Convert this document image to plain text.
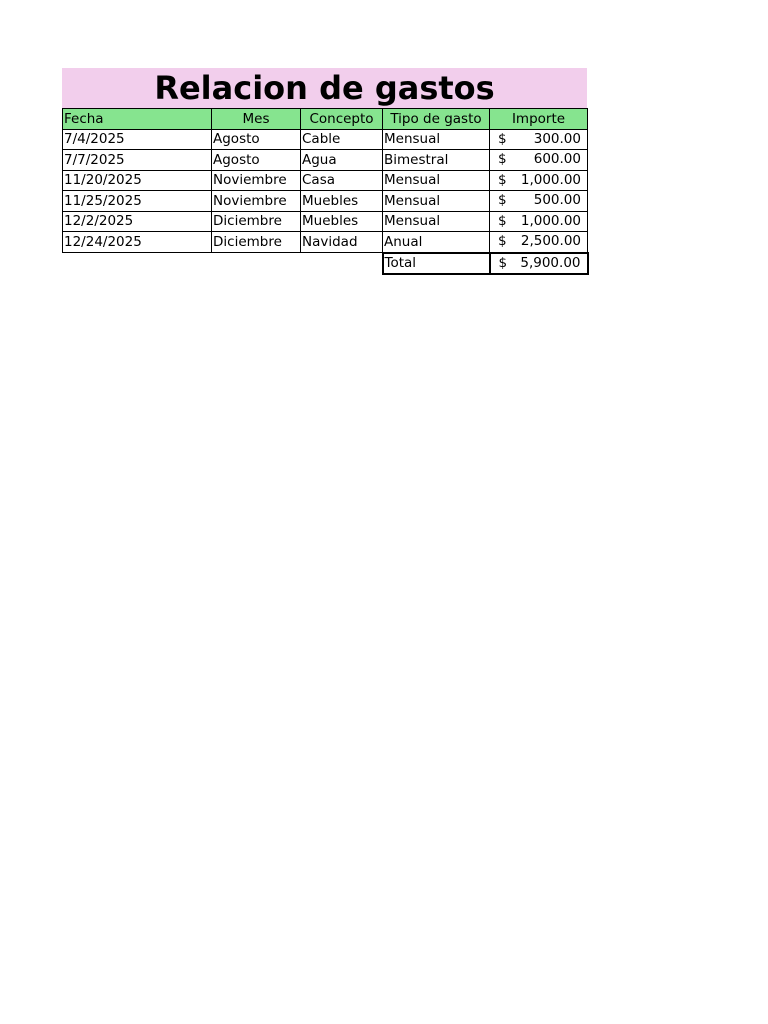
Relacion de gastos
Fecha	Mes	Concepto	Tipo de gasto	Importe
7/4/2025	Agosto	Cable	Mensual	$ 300.00

7/7/2025	Agosto	Agua	Bimestral	$ 600.00

11/20/2025	Noviembre	Casa	Mensual	$ 1,000.00

11/25/2025	Noviembre	Muebles	Mensual	$ 500.00

12/2/2025	Diciembre	Muebles	Mensual	$ 1,000.00

12/24/2025	Diciembre	Navidad	Anual	$ 2,500.00

			Total	$ 5,900.00
